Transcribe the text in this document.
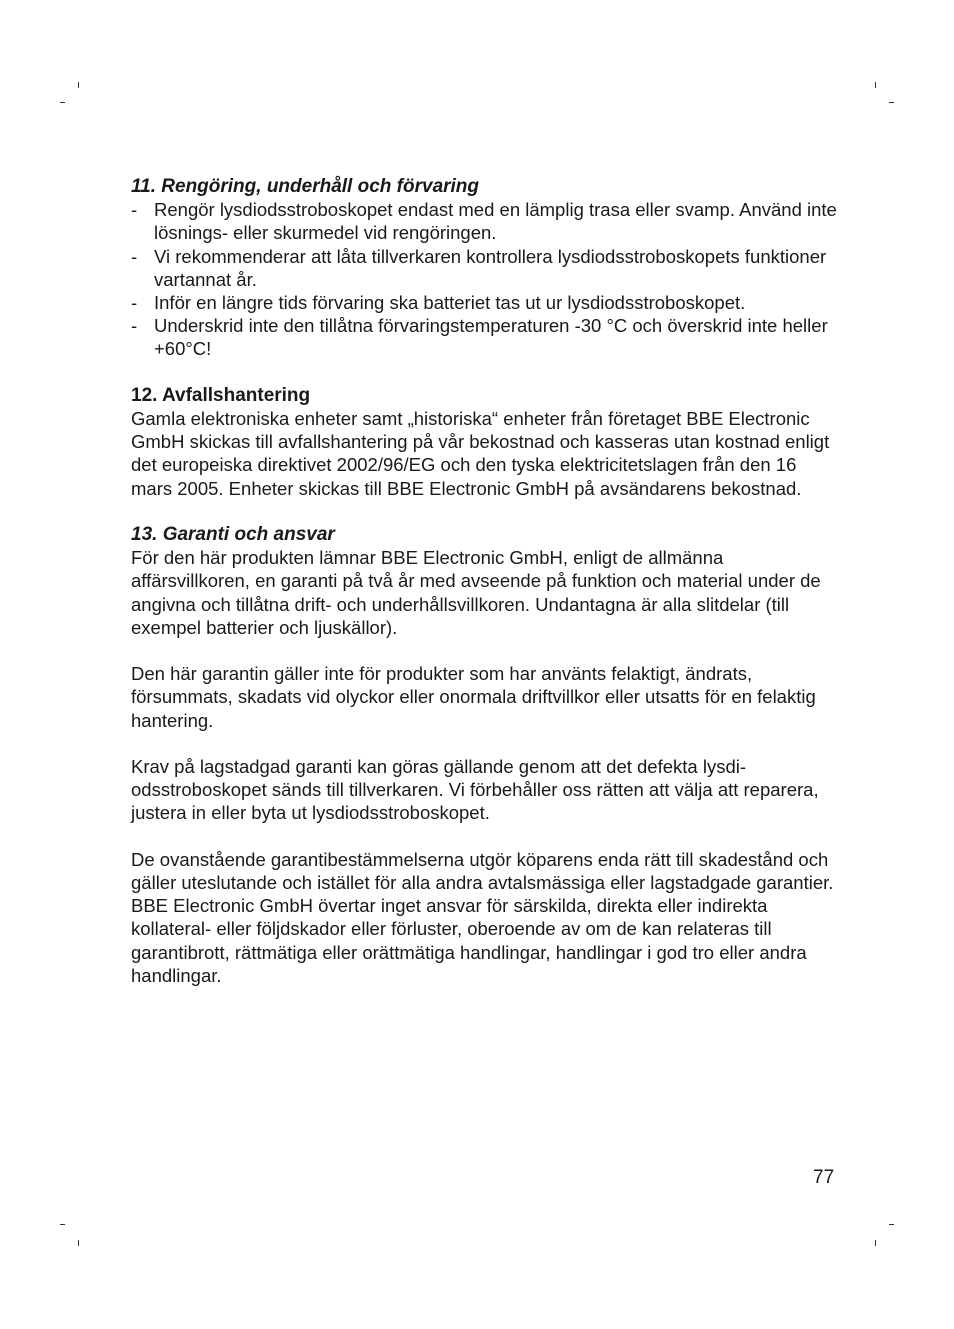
11. Rengöring, underhåll och förvaring
- Rengör lysdiodsstroboskopet endast med en lämplig trasa eller svamp. Använd inte lösnings- eller skurmedel vid rengöringen.
- Vi rekommenderar att låta tillverkaren kontrollera lysdiodsstroboskopets funktioner vartannat år.
- Inför en längre tids förvaring ska batteriet tas ut ur lysdiodsstroboskopet.
- Underskrid inte den tillåtna förvaringstemperaturen -30 °C och överskrid inte heller +60°C!
12. Avfallshantering

Gamla elektroniska enheter samt „historiska“ enheter från företaget BBE Electronic GmbH skickas till avfallshantering på vår bekostnad och kasseras utan kostnad enligt det europeiska direktivet 2002/96/EG och den tyska elektricitetslagen från den 16 mars 2005. Enheter skickas till BBE Electronic GmbH på avsändarens bekostnad.

13. Garanti och ansvar

För den här produkten lämnar BBE Electronic GmbH, enligt de allmänna affärsvillkoren, en garanti på två år med avseende på funktion och material under de angivna och tillåtna drift- och underhållsvillkoren. Undantagna är alla slitdelar (till exempel batterier och ljuskällor).

Den här garantin gäller inte för produkter som har använts felaktigt, ändrats, försummats, skadats vid olyckor eller onormala driftvillkor eller utsatts för en felaktig hantering.

Krav på lagstadgad garanti kan göras gällande genom att det defekta lysdi-odsstroboskopet sänds till tillverkaren. Vi förbehåller oss rätten att välja att reparera, justera in eller byta ut lysdiodsstroboskopet.

De ovanstående garantibestämmelserna utgör köparens enda rätt till skadestånd och gäller uteslutande och istället för alla andra avtalsmässiga eller lagstadgade garantier. BBE Electronic GmbH övertar inget ansvar för särskilda, direkta eller indirekta kollateral- eller följdskador eller förluster, oberoende av om de kan relateras till garantibrott, rättmätiga eller orättmätiga handlingar, handlingar i god tro eller andra handlingar.

77
